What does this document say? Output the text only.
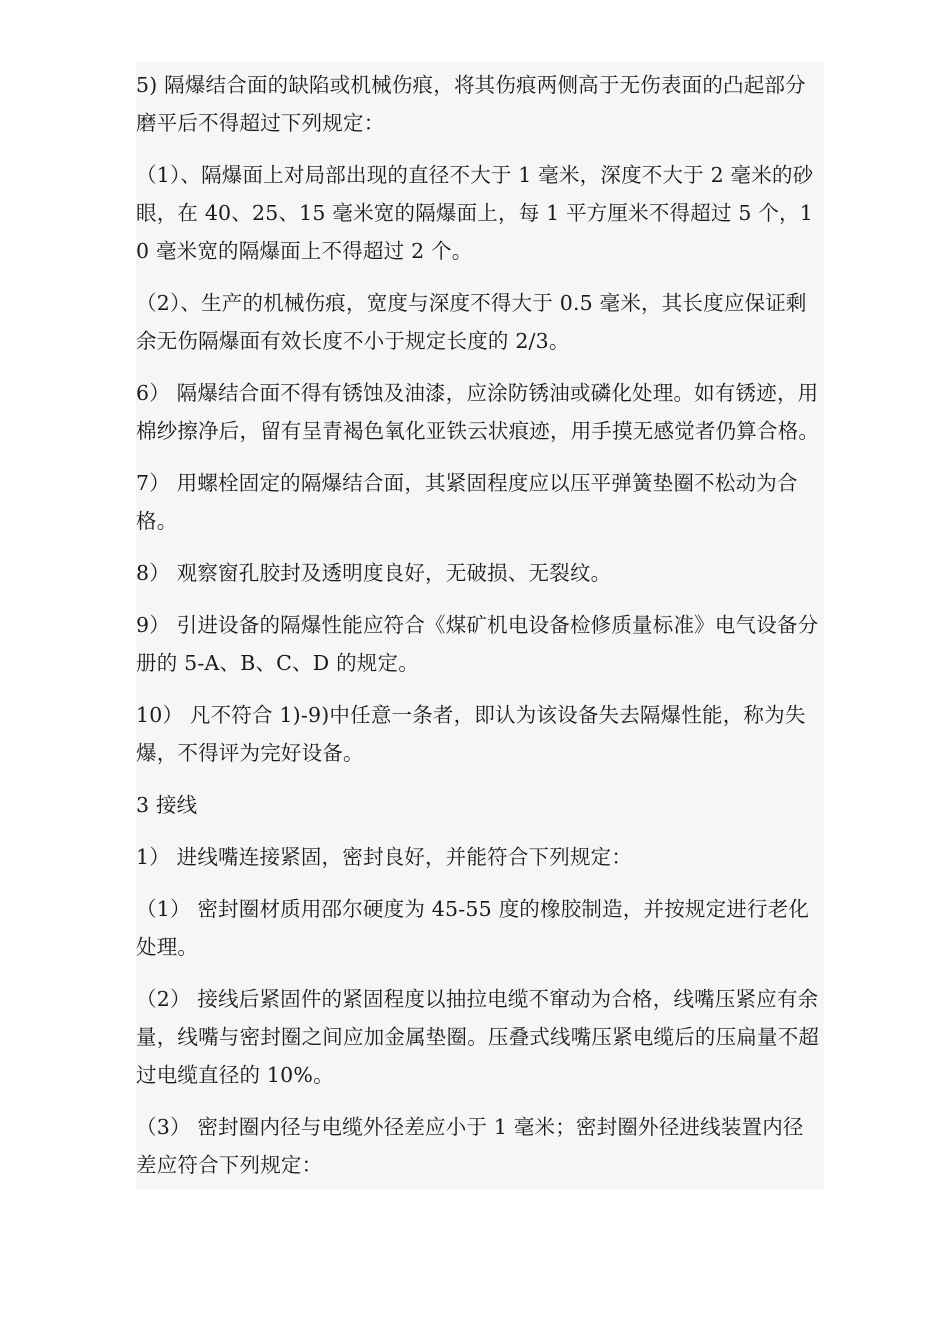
5) 隔爆结合面的缺陷或机械伤痕，将其伤痕两侧高于无伤表面的凸起部分磨平后不得超过下列规定：

（1）、隔爆面上对局部出现的直径不大于 1 毫米，深度不大于 2 毫米的砂眼，在 40、25、15 毫米宽的隔爆面上，每 1 平方厘米不得超过 5 个，10 毫米宽的隔爆面上不得超过 2 个。

（2）、生产的机械伤痕，宽度与深度不得大于 0.5 毫米，其长度应保证剩余无伤隔爆面有效长度不小于规定长度的 2/3。

6） 隔爆结合面不得有锈蚀及油漆，应涂防锈油或磷化处理。如有锈迹，用棉纱擦净后，留有呈青褐色氧化亚铁云状痕迹，用手摸无感觉者仍算合格。

7） 用螺栓固定的隔爆结合面，其紧固程度应以压平弹簧垫圈不松动为合格。

8） 观察窗孔胶封及透明度良好，无破损、无裂纹。

9） 引进设备的隔爆性能应符合《煤矿机电设备检修质量标准》电气设备分册的 5-A、B、C、D 的规定。

10） 凡不符合 1)-9)中任意一条者，即认为该设备失去隔爆性能，称为失爆，不得评为完好设备。

3 接线

1） 进线嘴连接紧固，密封良好，并能符合下列规定：

（1） 密封圈材质用邵尔硬度为 45-55 度的橡胶制造，并按规定进行老化处理。

（2） 接线后紧固件的紧固程度以抽拉电缆不窜动为合格，线嘴压紧应有余量，线嘴与密封圈之间应加金属垫圈。压叠式线嘴压紧电缆后的压扁量不超过电缆直径的 10%。

（3） 密封圈内径与电缆外径差应小于 1 毫米；密封圈外径进线装置内径差应符合下列规定：
